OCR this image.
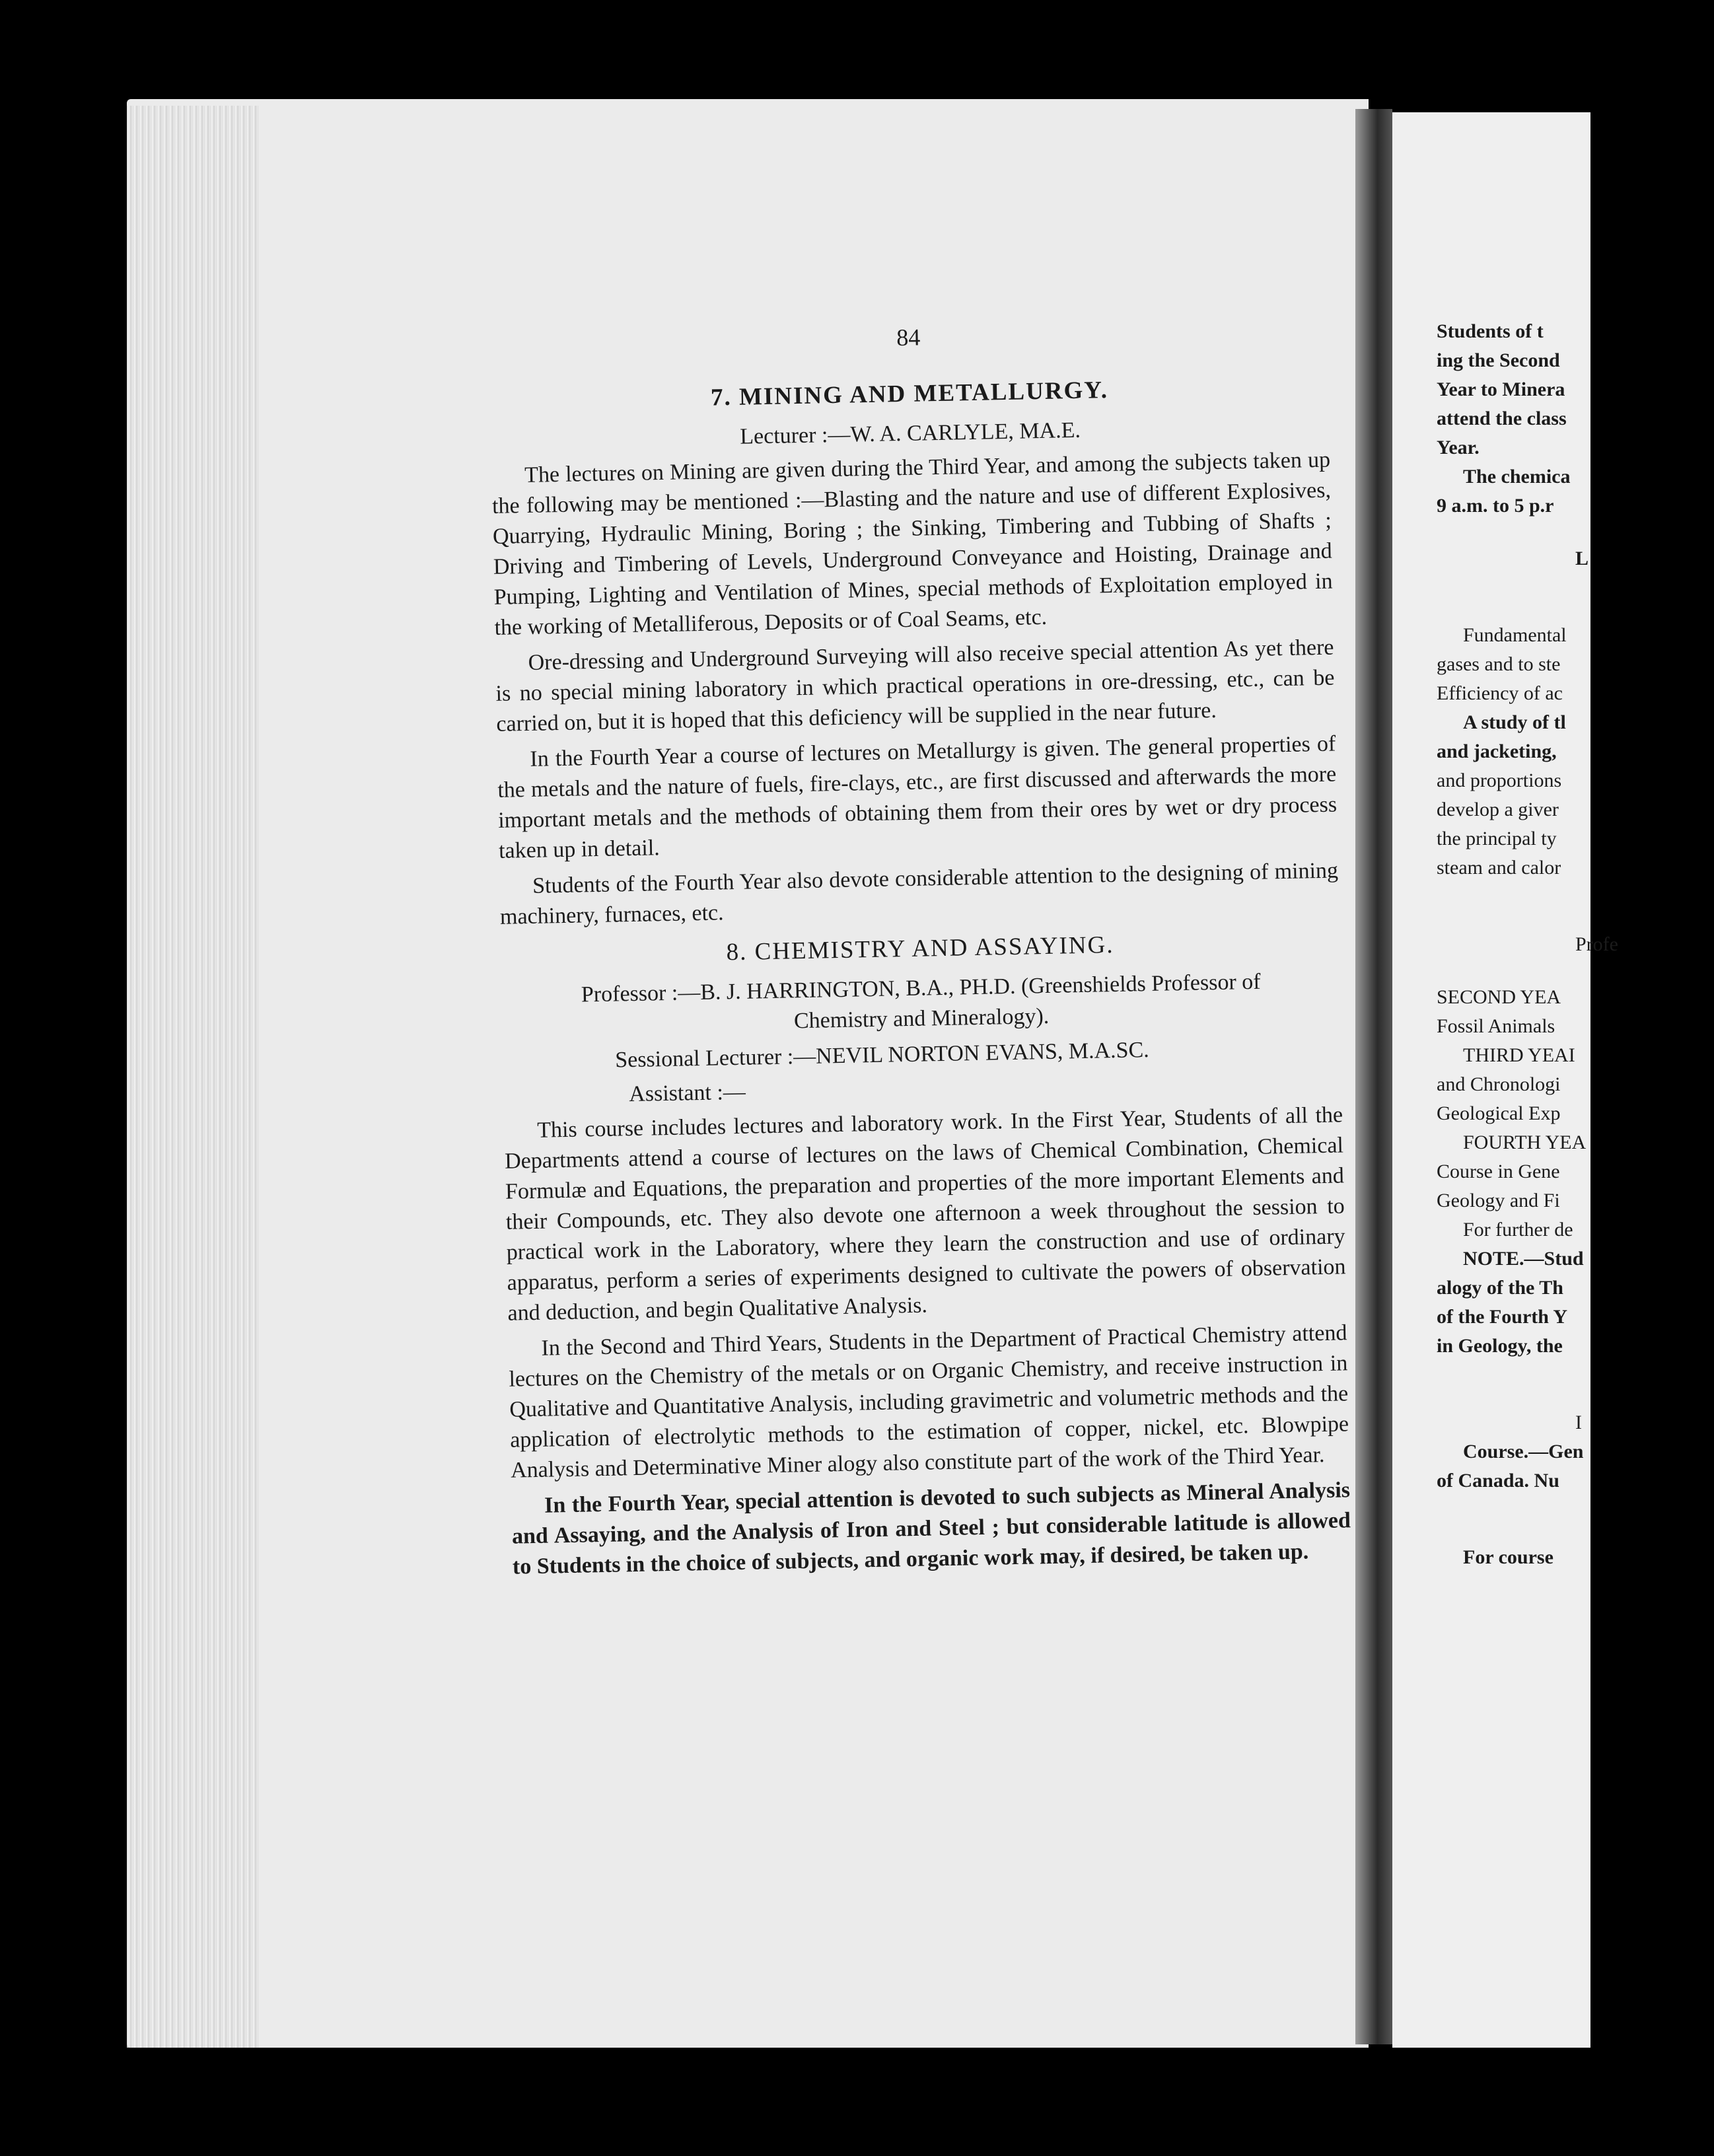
84
7. MINING AND METALLURGY.
Lecturer :—W. A. CARLYLE, MA.E.

The lectures on Mining are given during the Third Year, and among the subjects taken up the following may be mentioned :—Blasting and the nature and use of different Explosives, Quarrying, Hydraulic Mining, Boring ; the Sinking, Timbering and Tubbing of Shafts ; Driving and Timbering of Levels, Underground Conveyance and Hoisting, Drainage and Pumping, Lighting and Ventilation of Mines, special methods of Exploitation employed in the working of Metalliferous, Deposits or of Coal Seams, etc.

Ore-dressing and Underground Surveying will also receive special attention As yet there is no special mining laboratory in which practical operations in ore-dressing, etc., can be carried on, but it is hoped that this deficiency will be supplied in the near future.

In the Fourth Year a course of lectures on Metallurgy is given. The general properties of the metals and the nature of fuels, fire-clays, etc., are first discussed and afterwards the more important metals and the methods of obtaining them from their ores by wet or dry process taken up in detail.

Students of the Fourth Year also devote considerable attention to the designing of mining machinery, furnaces, etc.

8. CHEMISTRY AND ASSAYING.
Professor :—B. J. HARRINGTON, B.A., PH.D. (Greenshields Professor of
Chemistry and Mineralogy).
Sessional Lecturer :—NEVIL NORTON EVANS, M.A.SC.
Assistant :—

This course includes lectures and laboratory work. In the First Year, Students of all the Departments attend a course of lectures on the laws of Chemical Combination, Chemical Formulæ and Equations, the preparation and properties of the more important Elements and their Compounds, etc. They also devote one afternoon a week throughout the session to practical work in the Laboratory, where they learn the construction and use of ordinary apparatus, perform a series of experiments designed to cultivate the powers of observation and deduction, and begin Qualitative Analysis.

In the Second and Third Years, Students in the Department of Practical Chemistry attend lectures on the Chemistry of the metals or on Organic Chemistry, and receive instruction in Qualitative and Quantitative Analysis, including gravimetric and volumetric methods and the application of electrolytic methods to the estimation of copper, nickel, etc. Blowpipe Analysis and Determinative Miner alogy also constitute part of the work of the Third Year.

In the Fourth Year, special attention is devoted to such subjects as Mineral Analysis and Assaying, and the Analysis of Iron and Steel ; but considerable latitude is allowed to Students in the choice of subjects, and organic work may, if desired, be taken up.

Students of t
ing the Second
Year to Minera
attend the class
Year.
The chemica
9 a.m. to 5 p.r
L
Fundamental
gases and to ste
Efficiency of ac
A study of tl
and jacketing,
and proportions
develop a giver
the principal ty
steam and calor
Profe
SECOND YEA
Fossil Animals
THIRD YEAI
and Chronologi
Geological Exp
FOURTH YEA
Course in Gene
Geology and Fi
For further de
NOTE.—Stud
alogy of the Th
of the Fourth Y
in Geology, the
I
Course.—Gen
of Canada. Nu
For course
